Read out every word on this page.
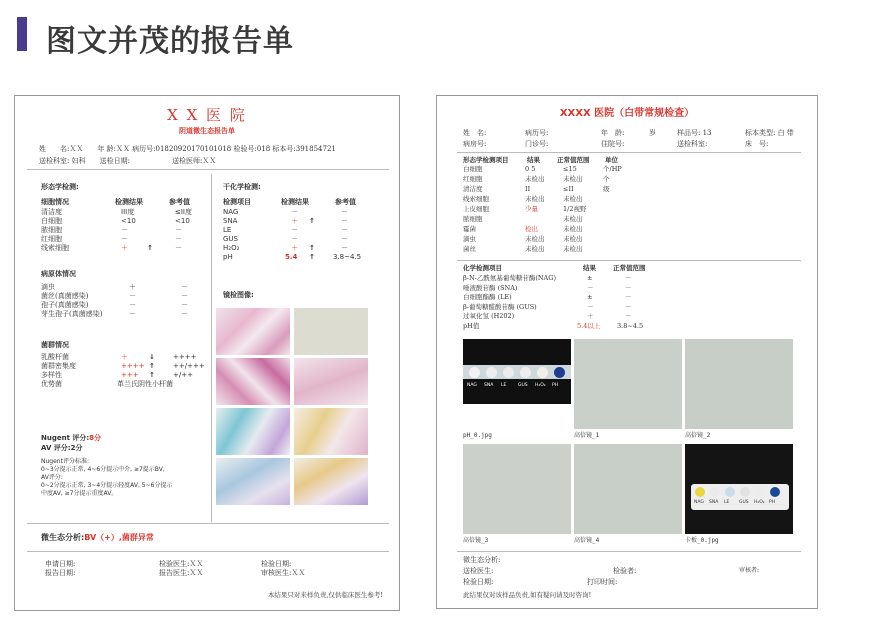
图文并茂的报告单
X X 医 院
阴道微生态报告单
姓　　名:ＸＸ　　年 龄:ＸＸ 病历号:01820920170101018 检验号:018 标本号:391854721
送检科室: 妇科　　送检日期:　　　　　　送检医师:ＸＸ
形态学检测:
细胞情况	检测结果	参考值
清洁度	III度	≤II度
白细胞	<10	<10
脓细胞	－	－
红细胞	－	－
线索细胞	＋	↑	－
病原体情况
滴虫	＋	－
菌丝(真菌感染)	－	－
孢子(真菌感染)	－	－
芽生孢子(真菌感染)	－	－
菌群情况
乳酸杆菌	＋	↓	++++
菌群密集度	++++ ↑	++/+++
多样性	+++ ↑	+/++
优势菌	革兰氏阴性小杆菌
Nugent 评分:8分
AV 评分:2分
Nugent评分标准:
0~3分提示正常, 4~6分提示中介, ≥7提示BV,
AV评分:
0~2分提示正常, 3~4分提示轻度AV, 5~6分提示
中度AV, ≥7分提示重度AV。
干化学检测:
检测项目	检测结果	参考值
NAG	－	－
SNA	＋ ↑	－
LE	－	－
GUS	－	－
H₂O₂	＋ ↑	－
pH	5.4 ↑	3.8~4.5
镜检图像:
微生态分析:BV（+）,菌群异常
申请日期:	检验医生:ＸＸ	检验日期:
报告日期:	报告医生:ＸＸ	审核医生:ＸＸ
本结果只对来样负责,仅供临床医生参考!
XXXX 医院（白带常规检查）
姓　名:	病历号:	年　龄:	岁	样品号: 13	标本类型: 白 带
病房号:	门诊号:	住院号:	送检科室:	床　号:
形态学检测项目	结果	正常值范围 单位
白细胞	0 5	≤15	个/HP
红细胞	未检出	未检出	个
清洁度	II	≤II	级
线索细胞	未检出	未检出
上皮细胞	少量	1/2视野
脓细胞	未检出
霉菌	检出	未检出
滴虫	未检出	未检出
菌丝	未检出	未检出
化学检测项目	结果	正常值范围
β-N-乙酰氨基葡萄糖苷酶(NAG)	±	－
唾液酸苷酶 (SNA)	－	－
白细胞酯酶 (LE)	±	－
β-葡萄糖醛酸苷酶 (GUS)	－	－
过氧化氢 (H202)	＋	－
pH值	5.4以上	3.8~4.5
NAG SNA LE	GUS H₂O₂ PH
NAG SNA LE GUS H₂O₂ PH
pH_0.jpg	高倍镜_1	高倍镜_2
高倍镜_3	高倍镜_4	卡板_0.jpg
微生态分析:
送检医生:	检验者:	审核者:
检验日期:	打印时间:
此结果仅对该样品负责,如有疑问请及时咨询!
